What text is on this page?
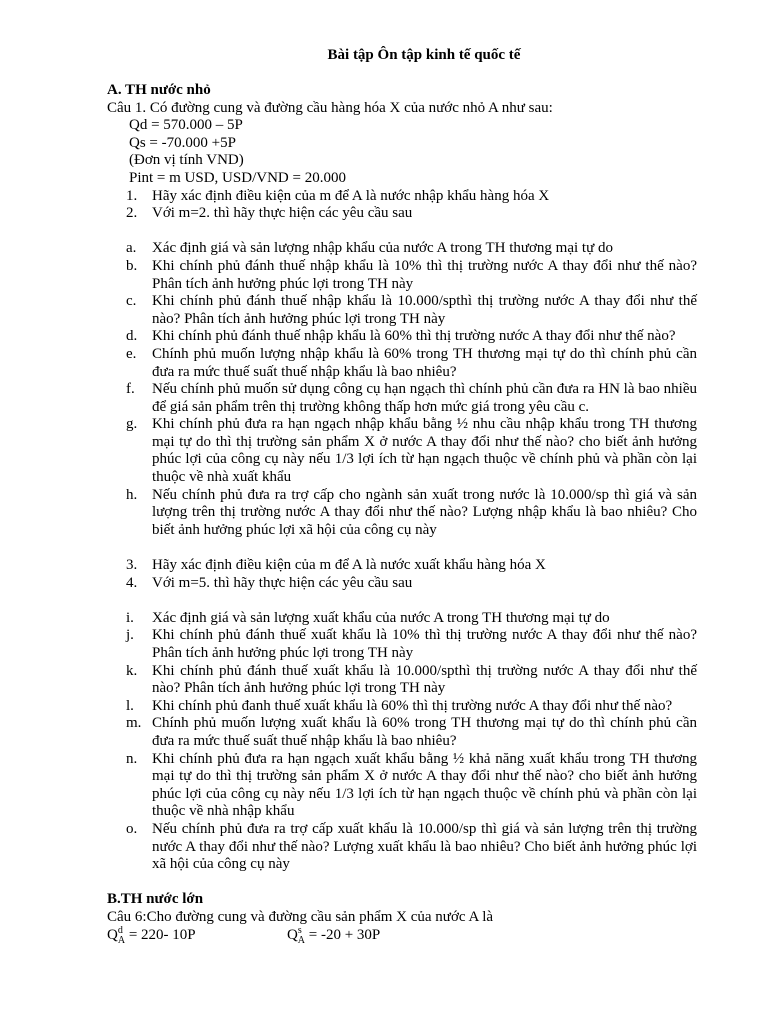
Bài tập Ôn tập kinh tế quốc tế
A. TH nước nhỏ
Câu 1. Có đường cung và đường cầu hàng hóa X của nước nhỏ A như sau:
Qd = 570.000 – 5P
Qs = -70.000 +5P
(Đơn vị tính VND)
Pint = m USD, USD/VND = 20.000
1. Hãy xác định điều kiện của m để A là nước nhập khẩu hàng hóa X
2. Với m=2. thì hãy thực hiện các yêu cầu sau
a.	Xác định giá và sản lượng nhập khẩu của nước A trong TH thương mại tự do
b. Khi chính phủ đánh thuế nhập khẩu là 10% thì thị trường nước A thay đổi như thế nào? Phân tích ảnh hưởng phúc lợi trong TH này
c.	Khi chính phủ đánh thuế nhập khẩu là 10.000/spthì thị trường nước A thay đổi như thế nào? Phân tích ảnh hưởng phúc lợi trong TH này
d. Khi chính phủ đánh thuế nhập khẩu là 60% thì thị trường nước A thay đổi như thế nào?
e.	Chính phủ muốn lượng nhập khẩu là 60% trong TH thương mại tự do thì chính phủ cần đưa ra mức thuế suất thuế nhập khẩu là bao nhiêu?
f.	Nếu chính phủ muốn sử dụng công cụ hạn ngạch thì chính phủ cần đưa ra HN là bao nhiều để giá sản phẩm trên thị trường không thấp hơn mức giá trong yêu cầu c.
g. Khi chính phủ đưa ra hạn ngạch nhập khẩu bằng ½ nhu cầu nhập khẩu trong TH thương mại tự do thì thị trường sản phẩm X ở nước A thay đổi như thế nào? cho biết ảnh hưởng phúc lợi của công cụ này nếu 1/3 lợi ích từ hạn ngạch thuộc về chính phủ và phần còn lại thuộc về nhà xuất khẩu
h. Nếu chính phủ đưa ra trợ cấp cho ngành sản xuất trong nước là 10.000/sp thì giá và sản lượng trên thị trường nước A thay đổi như thế nào? Lượng nhập khẩu là bao nhiêu? Cho biết ảnh hưởng phúc lợi xã hội của công cụ này
3. Hãy xác định điều kiện của m để A là nước xuất khẩu hàng hóa X
4. Với m=5. thì hãy thực hiện các yêu cầu sau
i.	Xác định giá và sản lượng xuất khẩu của nước A trong TH thương mại tự do
j.	Khi chính phủ đánh thuế xuất khẩu là 10% thì thị trường nước A thay đổi như thế nào? Phân tích ảnh hưởng phúc lợi trong TH này
k. Khi chính phủ đánh thuế xuất khẩu là 10.000/spthì thị trường nước A thay đổi như thế nào? Phân tích ảnh hưởng phúc lợi trong TH này
l.	Khi chính phủ đanh thuế xuất khẩu là 60% thì thị trường nước A thay đổi như thế nào?
m. Chính phủ muốn lượng xuất khẩu là 60% trong TH thương mại tự do thì chính phủ cần đưa ra mức thuế suất thuế nhập khẩu là bao nhiêu?
n. Khi chính phủ đưa ra hạn ngạch xuất khẩu bằng ½ khả năng xuất khẩu trong TH thương mại tự do thì thị trường sản phẩm X ở nước A thay đổi như thế nào? cho biết ảnh hưởng phúc lợi của công cụ này nếu 1/3 lợi ích từ hạn ngạch thuộc về chính phủ và phần còn lại thuộc về nhà nhập khẩu
o. Nếu chính phủ đưa ra trợ cấp xuất khẩu là 10.000/sp thì giá và sản lượng trên thị trường nước A thay đổi như thế nào? Lượng xuất khẩu là bao nhiêu? Cho biết ảnh hưởng phúc lợi xã hội của công cụ này
B.TH nước lớn
Câu 6:Cho đường cung và đường cầu sản phẩm X của nước A là
$Q^d_A = 220-$ 10P	$Q^s_A = -20 + 30P$
